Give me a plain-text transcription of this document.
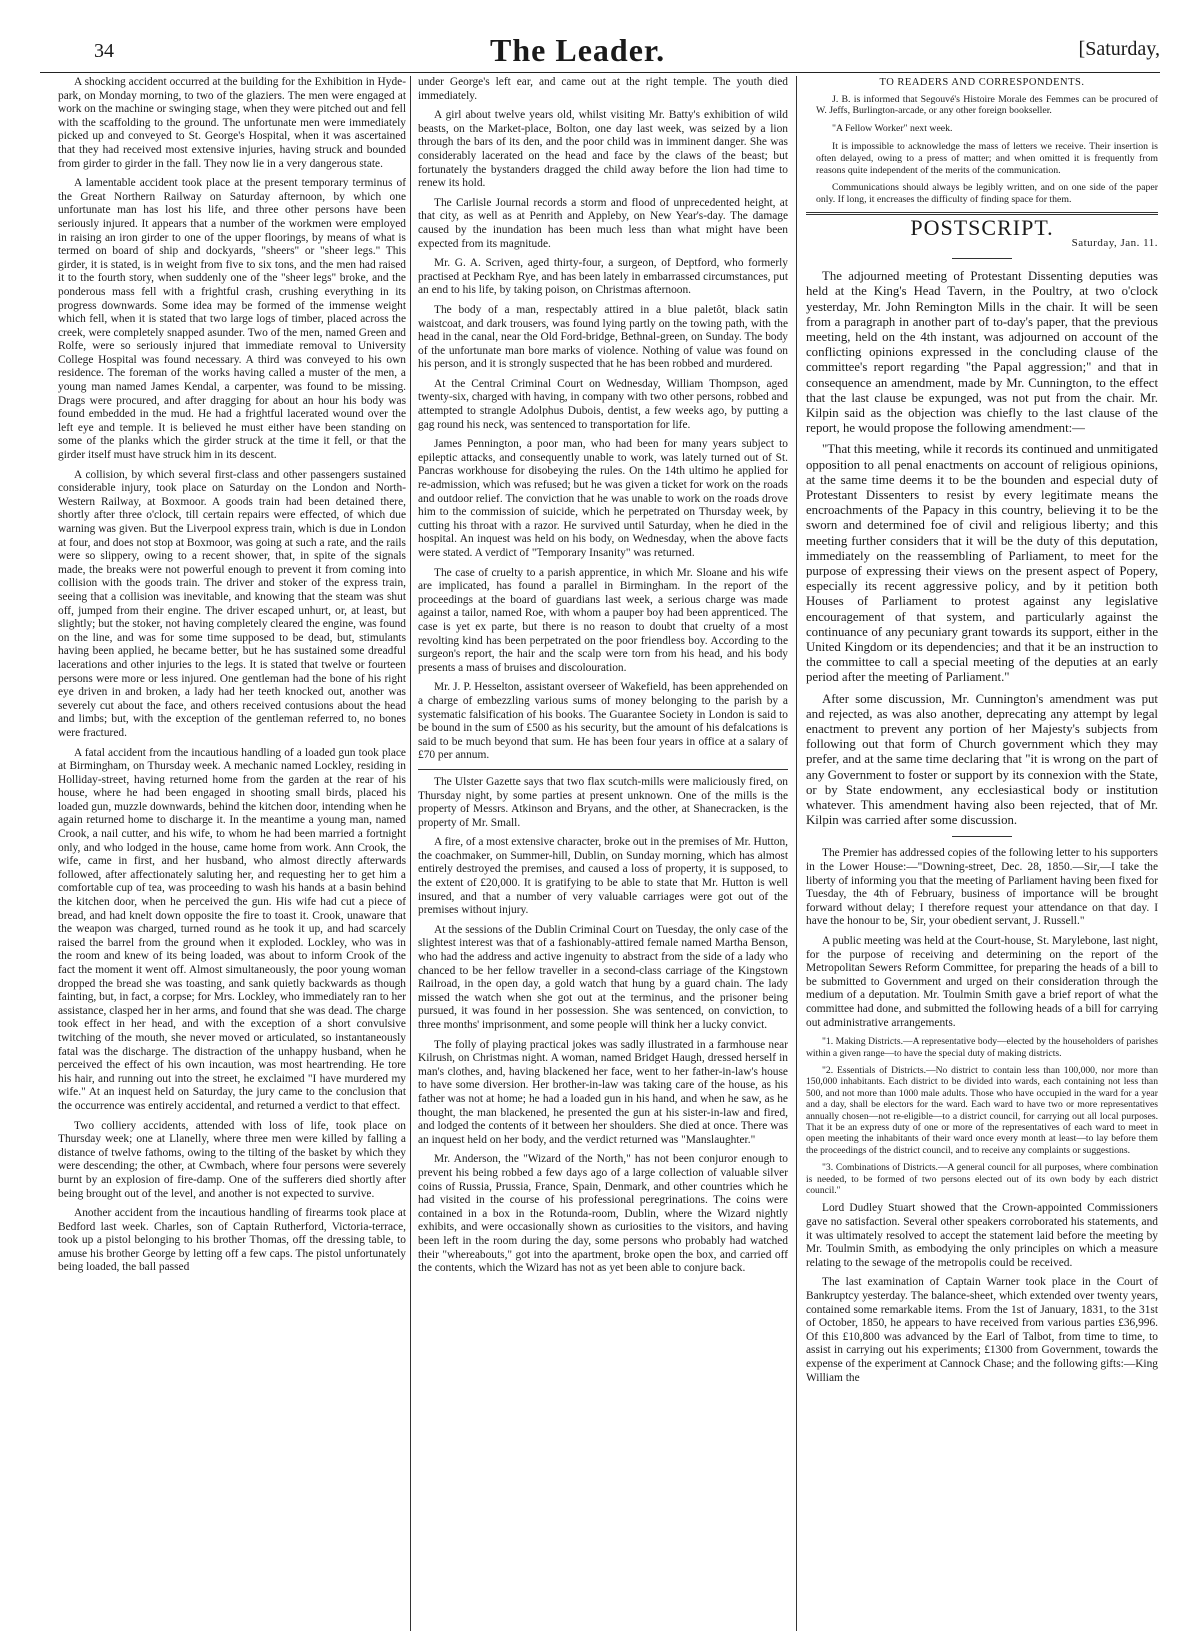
34	The Leader.	[Saturday,

A shocking accident occurred at the building for the Exhibition in Hyde-park, on Monday morning, to two of the glaziers. The men were engaged at work on the machine or swinging stage, when they were pitched out and fell with the scaffolding to the ground. The unfortunate men were immediately picked up and conveyed to St. George's Hospital, when it was ascertained that they had received most extensive injuries, having struck and bounded from girder to girder in the fall. They now lie in a very dangerous state.

A lamentable accident took place at the present temporary terminus of the Great Northern Railway on Saturday afternoon, by which one unfortunate man has lost his life, and three other persons have been seriously injured. It appears that a number of the workmen were employed in raising an iron girder to one of the upper floorings, by means of what is termed on board of ship and dockyards, "sheers" or "sheer legs." This girder, it is stated, is in weight from five to six tons, and the men had raised it to the fourth story, when suddenly one of the "sheer legs" broke, and the ponderous mass fell with a frightful crash, crushing everything in its progress downwards. Some idea may be formed of the immense weight which fell, when it is stated that two large logs of timber, placed across the creek, were completely snapped asunder. Two of the men, named Green and Rolfe, were so seriously injured that immediate removal to University College Hospital was found necessary. A third was conveyed to his own residence. The foreman of the works having called a muster of the men, a young man named James Kendal, a carpenter, was found to be missing. Drags were procured, and after dragging for about an hour his body was found embedded in the mud. He had a frightful lacerated wound over the left eye and temple. It is believed he must either have been standing on some of the planks which the girder struck at the time it fell, or that the girder itself must have struck him in its descent.

A collision, by which several first-class and other passengers sustained considerable injury, took place on Saturday on the London and North-Western Railway, at Boxmoor. A goods train had been detained there, shortly after three o'clock, till certain repairs were effected, of which due warning was given. But the Liverpool express train, which is due in London at four, and does not stop at Boxmoor, was going at such a rate, and the rails were so slippery, owing to a recent shower, that, in spite of the signals made, the breaks were not powerful enough to prevent it from coming into collision with the goods train. The driver and stoker of the express train, seeing that a collision was inevitable, and knowing that the steam was shut off, jumped from their engine. The driver escaped unhurt, or, at least, but slightly; but the stoker, not having completely cleared the engine, was found on the line, and was for some time supposed to be dead, but, stimulants having been applied, he became better, but he has sustained some dreadful lacerations and other injuries to the legs. It is stated that twelve or fourteen persons were more or less injured. One gentleman had the bone of his right eye driven in and broken, a lady had her teeth knocked out, another was severely cut about the face, and others received contusions about the head and limbs; but, with the exception of the gentleman referred to, no bones were fractured.

A fatal accident from the incautious handling of a loaded gun took place at Birmingham, on Thursday week. A mechanic named Lockley, residing in Holliday-street, having returned home from the garden at the rear of his house, where he had been engaged in shooting small birds, placed his loaded gun, muzzle downwards, behind the kitchen door, intending when he again returned home to discharge it. In the meantime a young man, named Crook, a nail cutter, and his wife, to whom he had been married a fortnight only, and who lodged in the house, came home from work. Ann Crook, the wife, came in first, and her husband, who almost directly afterwards followed, after affectionately saluting her, and requesting her to get him a comfortable cup of tea, was proceeding to wash his hands at a basin behind the kitchen door, when he perceived the gun. His wife had cut a piece of bread, and had knelt down opposite the fire to toast it. Crook, unaware that the weapon was charged, turned round as he took it up, and had scarcely raised the barrel from the ground when it exploded. Lockley, who was in the room and knew of its being loaded, was about to inform Crook of the fact the moment it went off. Almost simultaneously, the poor young woman dropped the bread she was toasting, and sank quietly backwards as though fainting, but, in fact, a corpse; for Mrs. Lockley, who immediately ran to her assistance, clasped her in her arms, and found that she was dead. The charge took effect in her head, and with the exception of a short convulsive twitching of the mouth, she never moved or articulated, so instantaneously fatal was the discharge. The distraction of the unhappy husband, when he perceived the effect of his own incaution, was most heartrending. He tore his hair, and running out into the street, he exclaimed "I have murdered my wife." At an inquest held on Saturday, the jury came to the conclusion that the occurrence was entirely accidental, and returned a verdict to that effect.

Two colliery accidents, attended with loss of life, took place on Thursday week; one at Llanelly, where three men were killed by falling a distance of twelve fathoms, owing to the tilting of the basket by which they were descending; the other, at Cwmbach, where four persons were severely burnt by an explosion of fire-damp. One of the sufferers died shortly after being brought out of the level, and another is not expected to survive.

Another accident from the incautious handling of firearms took place at Bedford last week. Charles, son of Captain Rutherford, Victoria-terrace, took up a pistol belonging to his brother Thomas, off the dressing table, to amuse his brother George by letting off a few caps. The pistol unfortunately being loaded, the ball passed

under George's left ear, and came out at the right temple. The youth died immediately.

A girl about twelve years old, whilst visiting Mr. Batty's exhibition of wild beasts, on the Market-place, Bolton, one day last week, was seized by a lion through the bars of its den, and the poor child was in imminent danger. She was considerably lacerated on the head and face by the claws of the beast; but fortunately the bystanders dragged the child away before the lion had time to renew its hold.

The Carlisle Journal records a storm and flood of unprecedented height, at that city, as well as at Penrith and Appleby, on New Year's-day. The damage caused by the inundation has been much less than what might have been expected from its magnitude.

Mr. G. A. Scriven, aged thirty-four, a surgeon, of Deptford, who formerly practised at Peckham Rye, and has been lately in embarrassed circumstances, put an end to his life, by taking poison, on Christmas afternoon.

The body of a man, respectably attired in a blue paletôt, black satin waistcoat, and dark trousers, was found lying partly on the towing path, with the head in the canal, near the Old Ford-bridge, Bethnal-green, on Sunday. The body of the unfortunate man bore marks of violence. Nothing of value was found on his person, and it is strongly suspected that he has been robbed and murdered.

At the Central Criminal Court on Wednesday, William Thompson, aged twenty-six, charged with having, in company with two other persons, robbed and attempted to strangle Adolphus Dubois, dentist, a few weeks ago, by putting a gag round his neck, was sentenced to transportation for life.

James Pennington, a poor man, who had been for many years subject to epileptic attacks, and consequently unable to work, was lately turned out of St. Pancras workhouse for disobeying the rules. On the 14th ultimo he applied for re-admission, which was refused; but he was given a ticket for work on the roads and outdoor relief. The conviction that he was unable to work on the roads drove him to the commission of suicide, which he perpetrated on Thursday week, by cutting his throat with a razor. He survived until Saturday, when he died in the hospital. An inquest was held on his body, on Wednesday, when the above facts were stated. A verdict of "Temporary Insanity" was returned.

The case of cruelty to a parish apprentice, in which Mr. Sloane and his wife are implicated, has found a parallel in Birmingham. In the report of the proceedings at the board of guardians last week, a serious charge was made against a tailor, named Roe, with whom a pauper boy had been apprenticed. The case is yet ex parte, but there is no reason to doubt that cruelty of a most revolting kind has been perpetrated on the poor friendless boy. According to the surgeon's report, the hair and the scalp were torn from his head, and his body presents a mass of bruises and discolouration.

Mr. J. P. Hesselton, assistant overseer of Wakefield, has been apprehended on a charge of embezzling various sums of money belonging to the parish by a systematic falsification of his books. The Guarantee Society in London is said to be bound in the sum of £500 as his security, but the amount of his defalcations is said to be much beyond that sum. He has been four years in office at a salary of £70 per annum.

The Ulster Gazette says that two flax scutch-mills were maliciously fired, on Thursday night, by some parties at present unknown. One of the mills is the property of Messrs. Atkinson and Bryans, and the other, at Shanecracken, is the property of Mr. Small.

A fire, of a most extensive character, broke out in the premises of Mr. Hutton, the coachmaker, on Summer-hill, Dublin, on Sunday morning, which has almost entirely destroyed the premises, and caused a loss of property, it is supposed, to the extent of £20,000. It is gratifying to be able to state that Mr. Hutton is well insured, and that a number of very valuable carriages were got out of the premises without injury.

At the sessions of the Dublin Criminal Court on Tuesday, the only case of the slightest interest was that of a fashionably-attired female named Martha Benson, who had the address and active ingenuity to abstract from the side of a lady who chanced to be her fellow traveller in a second-class carriage of the Kingstown Railroad, in the open day, a gold watch that hung by a guard chain. The lady missed the watch when she got out at the terminus, and the prisoner being pursued, it was found in her possession. She was sentenced, on conviction, to three months' imprisonment, and some people will think her a lucky convict.

The folly of playing practical jokes was sadly illustrated in a farmhouse near Kilrush, on Christmas night. A woman, named Bridget Haugh, dressed herself in man's clothes, and, having blackened her face, went to her father-in-law's house to have some diversion. Her brother-in-law was taking care of the house, as his father was not at home; he had a loaded gun in his hand, and when he saw, as he thought, the man blackened, he presented the gun at his sister-in-law and fired, and lodged the contents of it between her shoulders. She died at once. There was an inquest held on her body, and the verdict returned was "Manslaughter."

Mr. Anderson, the "Wizard of the North," has not been conjuror enough to prevent his being robbed a few days ago of a large collection of valuable silver coins of Russia, Prussia, France, Spain, Denmark, and other countries which he had visited in the course of his professional peregrinations. The coins were contained in a box in the Rotunda-room, Dublin, where the Wizard nightly exhibits, and were occasionally shown as curiosities to the visitors, and having been left in the room during the day, some persons who probably had watched their "whereabouts," got into the apartment, broke open the box, and carried off the contents, which the Wizard has not as yet been able to conjure back.

TO READERS AND CORRESPONDENTS.

J. B. is informed that Segouvé's Histoire Morale des Femmes can be procured of W. Jeffs, Burlington-arcade, or any other foreign bookseller.

"A Fellow Worker" next week.

It is impossible to acknowledge the mass of letters we receive. Their insertion is often delayed, owing to a press of matter; and when omitted it is frequently from reasons quite independent of the merits of the communication.

Communications should always be legibly written, and on one side of the paper only. If long, it encreases the difficulty of finding space for them.

POSTSCRIPT.
Saturday, Jan. 11.

The adjourned meeting of Protestant Dissenting deputies was held at the King's Head Tavern, in the Poultry, at two o'clock yesterday, Mr. John Remington Mills in the chair. It will be seen from a paragraph in another part of to-day's paper, that the previous meeting, held on the 4th instant, was adjourned on account of the conflicting opinions expressed in the concluding clause of the committee's report regarding "the Papal aggression;" and that in consequence an amendment, made by Mr. Cunnington, to the effect that the last clause be expunged, was not put from the chair. Mr. Kilpin said as the objection was chiefly to the last clause of the report, he would propose the following amendment:—

"That this meeting, while it records its continued and unmitigated opposition to all penal enactments on account of religious opinions, at the same time deems it to be the bounden and especial duty of Protestant Dissenters to resist by every legitimate means the encroachments of the Papacy in this country, believing it to be the sworn and determined foe of civil and religious liberty; and this meeting further considers that it will be the duty of this deputation, immediately on the reassembling of Parliament, to meet for the purpose of expressing their views on the present aspect of Popery, especially its recent aggressive policy, and by it petition both Houses of Parliament to protest against any legislative encouragement of that system, and particularly against the continuance of any pecuniary grant towards its support, either in the United Kingdom or its dependencies; and that it be an instruction to the committee to call a special meeting of the deputies at an early period after the meeting of Parliament."

After some discussion, Mr. Cunnington's amendment was put and rejected, as was also another, deprecating any attempt by legal enactment to prevent any portion of her Majesty's subjects from following out that form of Church government which they may prefer, and at the same time declaring that "it is wrong on the part of any Government to foster or support by its connexion with the State, or by State endowment, any ecclesiastical body or institution whatever. This amendment having also been rejected, that of Mr. Kilpin was carried after some discussion.

The Premier has addressed copies of the following letter to his supporters in the Lower House:—"Downing-street, Dec. 28, 1850.—Sir,—I take the liberty of informing you that the meeting of Parliament having been fixed for Tuesday, the 4th of February, business of importance will be brought forward without delay; I therefore request your attendance on that day. I have the honour to be, Sir, your obedient servant, J. Russell."

A public meeting was held at the Court-house, St. Marylebone, last night, for the purpose of receiving and determining on the report of the Metropolitan Sewers Reform Committee, for preparing the heads of a bill to be submitted to Government and urged on their consideration through the medium of a deputation. Mr. Toulmin Smith gave a brief report of what the committee had done, and submitted the following heads of a bill for carrying out administrative arrangements.

"1. Making Districts.—A representative body—elected by the householders of parishes within a given range—to have the special duty of making districts.

"2. Essentials of Districts.—No district to contain less than 100,000, nor more than 150,000 inhabitants. Each district to be divided into wards, each containing not less than 500, and not more than 1000 male adults. Those who have occupied in the ward for a year and a day, shall be electors for the ward. Each ward to have two or more representatives annually chosen—not re-eligible—to a district council, for carrying out all local purposes. That it be an express duty of one or more of the representatives of each ward to meet in open meeting the inhabitants of their ward once every month at least—to lay before them the proceedings of the district council, and to receive any complaints or suggestions.

"3. Combinations of Districts.—A general council for all purposes, where combination is needed, to be formed of two persons elected out of its own body by each district council."

Lord Dudley Stuart showed that the Crown-appointed Commissioners gave no satisfaction. Several other speakers corroborated his statements, and it was ultimately resolved to accept the statement laid before the meeting by Mr. Toulmin Smith, as embodying the only principles on which a measure relating to the sewage of the metropolis could be received.

The last examination of Captain Warner took place in the Court of Bankruptcy yesterday. The balance-sheet, which extended over twenty years, contained some remarkable items. From the 1st of January, 1831, to the 31st of October, 1850, he appears to have received from various parties £36,996. Of this £10,800 was advanced by the Earl of Talbot, from time to time, to assist in carrying out his experiments; £1300 from Government, towards the expense of the experiment at Cannock Chase; and the following gifts:—King William the
